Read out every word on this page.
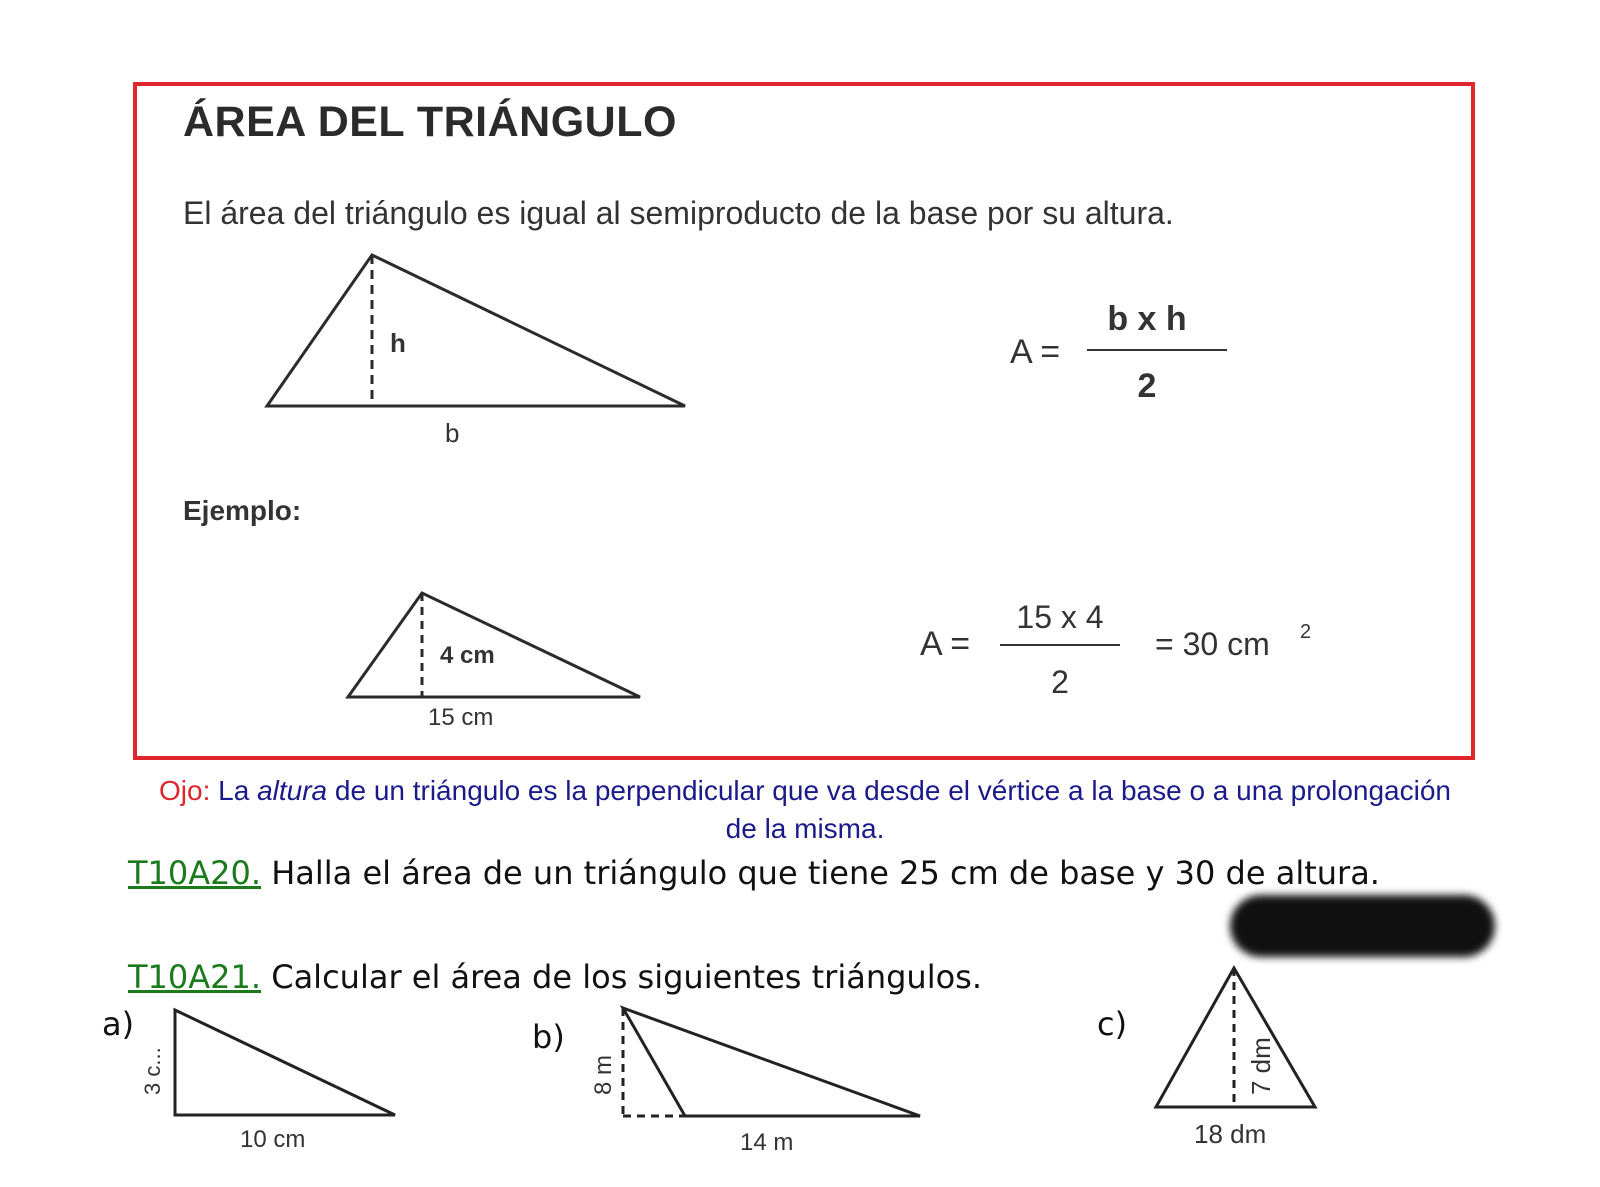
ÁREA DEL TRIÁNGULO
El área del triángulo es igual al semiproducto de la base por su altura.
h
b
A =
b x h
2
Ejemplo:
4 cm
15 cm
A =
15 x 4
2
= 30 cm 2
Ojo: La altura de un triángulo es la perpendicular que va desde el vértice a la base o a una prolongación de la misma.
T10A20. Halla el área de un triángulo que tiene 25 cm de base y 30 de altura.
T10A21. Calcular el área de los siguientes triángulos.
a)
3 c...
10 cm
b)
8 m
14 m
c)
7 dm
18 dm
